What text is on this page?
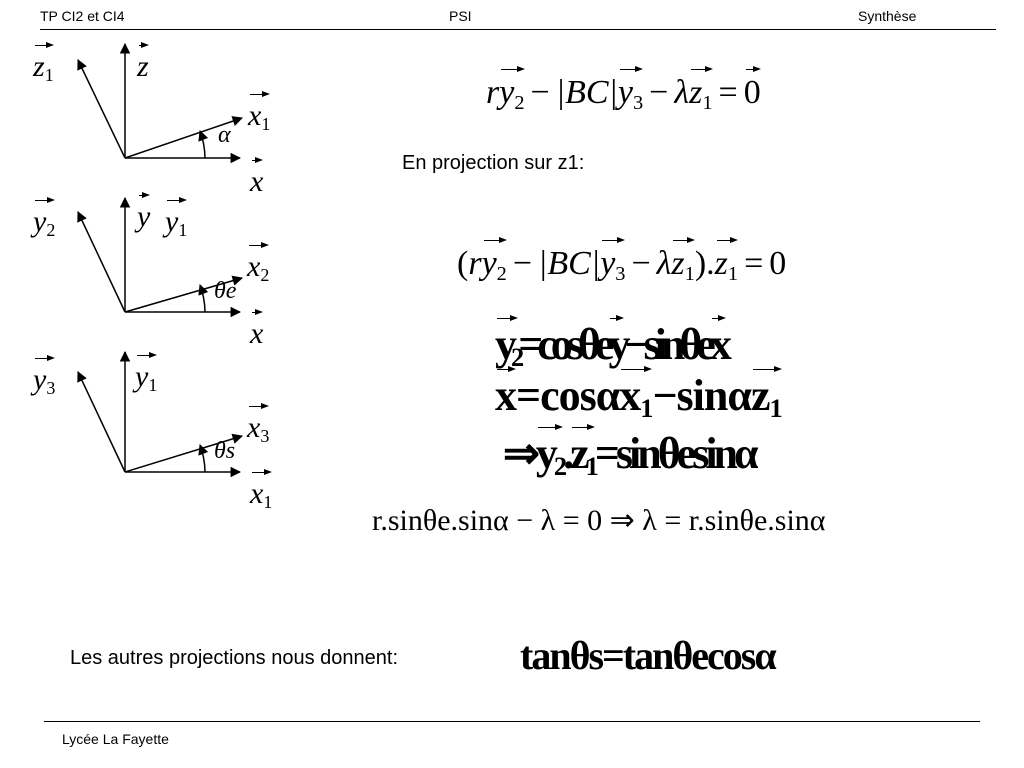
TP CI2 et CI4	PSI	Synthèse
z1	z
x1
x
α
y2	y y1
x2
x
θe
y3	y1
x3
x1
θs
ry2 − |BC|y3 − λz1 = 0
En projection sur z1:
(ry2 − |BC|y3 − λz1).z1 = 0
y2=cosθey−sinθex
x=cosαx1−sinαz1
⇒y2.z1=sinθesinα
r.sinθe.sinα − λ = 0 ⇒ λ = r.sinθe.sinα
Les autres projections nous donnent:	tanθs=tanθecosα
Lycée La Fayette
